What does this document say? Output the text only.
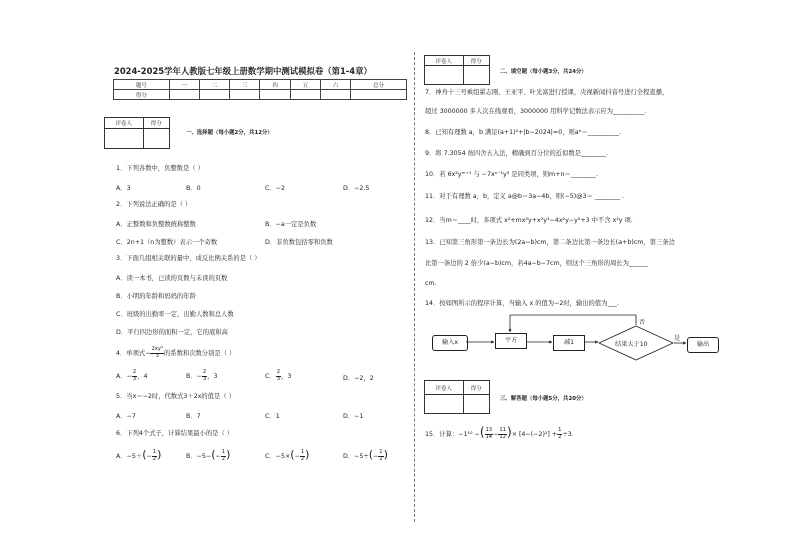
2024-2025学年人教版七年级上册数学期中测试模拟卷（第1-4章）
题号	一	二	三	四	五	六	总分
得分							
评卷人	得分

一、选择题（每小题2分，共12分）
1．下列各数中，负整数是（ ）
A．3	B．0	C．−2	D．−2.5
2．下列说法正确的是（ ）
A．正整数和负整数统称整数	B．−a一定是负数
C．2n+1（n为整数）表示一个奇数	D．非负数包括零和负数
3．下面几组相关联的量中，成反比例关系的是（ ）
A．读一本书，已读的页数与未读的页数
B．小明的年龄和妈妈的年龄
C．班级的出勤率一定，出勤人数和总人数
D．平行四边形的面积一定，它的底和高
4．单项式− $\frac{\text{2xy³}}{3}$ 的系数和次数分别是（ ）
A．− $\frac{2}{3}$ ，4	B．− $\frac{2}{3}$ ，3	C． $\frac{2}{3}$ ，3	D．−2，2
5．当x＝−2时，代数式3＋2x的值是（ ）
A．−7	B．7	C．1	D．−1
6．下列4个式子，计算结果最小的是（ ）
A．$-5+(- \frac{1}{2}$ )	B．$-5-(- \frac{1}{2}$ )	C．$-5\times(- \frac{1}{2}$ )	D．$-5\div(- \frac{1}{2}$ )
评卷人	得分

二、填空题（每小题3分，共24分）
7．神舟十三号乘组翟志刚、王亚平、叶光富进行授课，央视新闻抖音号进行全程直播，
超过 3000000 多人次在线观看，3000000 用科学记数法表示应为__________.
8．已知有理数 a，b 满足(a+1)²+|b−2024|=0，则aᵇ＝__________.
9．将 7.3054 按四舍五入法，精确到百分位的近似数是________.
10．若 6x²yᵐ⁺¹ 与 −7xⁿ⁻¹y³ 是同类项，则m+n＝________.
11．对于有理数 a，b，定义 a@b＝3a−4b，则(−5)@3＝ ________ .
12．当m＝____时，多项式 x²+mx²y+x²y³−4x²y−y³+3 中不含 x²y 项.
13．已知第三角形第一条边长为(2a−b)cm，第二条边比第一条边长(a+b)cm，第三条边
比第一条边的 2 倍少(a−b)cm，若4a−b−7cm，则这个三角形的周长为______
cm.
14．按如图所示的程序计算，当输入 x 的值为−2时，输出的值为___.
输入x	平方	减1	结果大于10	输出
否
是
评卷人	得分

三、解答题（每小题5分，共20分）
15．计算：−1¹⁰ −( $\frac{13}{14} - \frac{11}{12}$ )× $[4-(-2)^2] + \frac{1}{2} \div 3$.
